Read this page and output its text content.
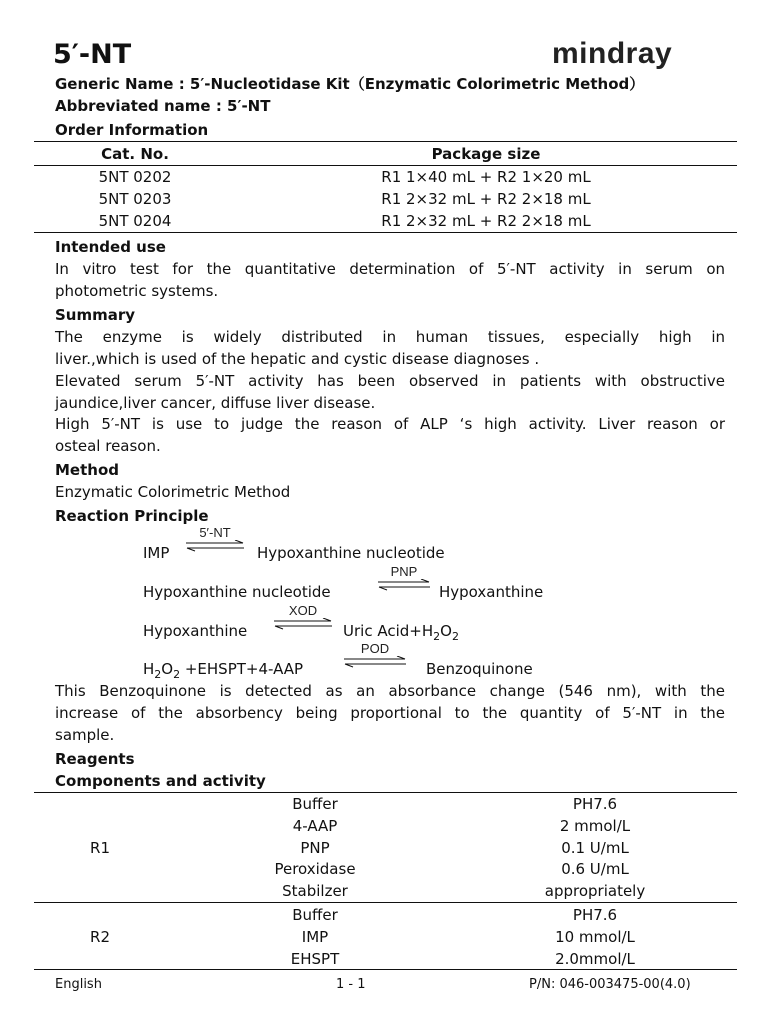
5′-NT	mindray
Generic Name : 5′-Nucleotidase Kit（Enzymatic Colorimetric Method）
Abbreviated name : 5′-NT
Order Information
Cat. No.	Package size
5NT 0202	R1 1×40 mL + R2 1×20 mL
5NT 0203	R1 2×32 mL + R2 2×18 mL
5NT 0204	R1 2×32 mL + R2 2×18 mL
Intended use
In vitro test for the quantitative determination of 5′-NT activity in serum on
photometric systems.
Summary
The enzyme is widely distributed in human tissues, especially high in
liver.,which is used of the hepatic and cystic disease diagnoses .
Elevated serum 5′-NT activity has been observed in patients with obstructive
jaundice,liver cancer, diffuse liver disease.
High 5′-NT is use to judge the reason of ALP ‘s high activity. Liver reason or
osteal reason.
Method
Enzymatic Colorimetric Method
Reaction Principle
IMP
5′-NT
Hypoxanthine nucleotide
Hypoxanthine nucleotide
PNP
Hypoxanthine
Hypoxanthine
XOD
Uric $Acid+H_2O_2$
$H_2O_2$ +EHSPT+4-AAP
POD
Benzoquinone
This Benzoquinone is detected as an absorbance change (546 nm), with the
increase of the absorbency being proportional to the quantity of 5′-NT in the
sample.
Reagents
Components and activity
R1
Buffer	PH7.6
4-AAP	2 mmol/L
PNP	0.1 U/mL
Peroxidase	0.6 U/mL
Stabilzer	appropriately
R2
Buffer	PH7.6
IMP	10 mmol/L
EHSPT	2.0mmol/L
English	1 - 1	P/N: 046-003475-00(4.0)
